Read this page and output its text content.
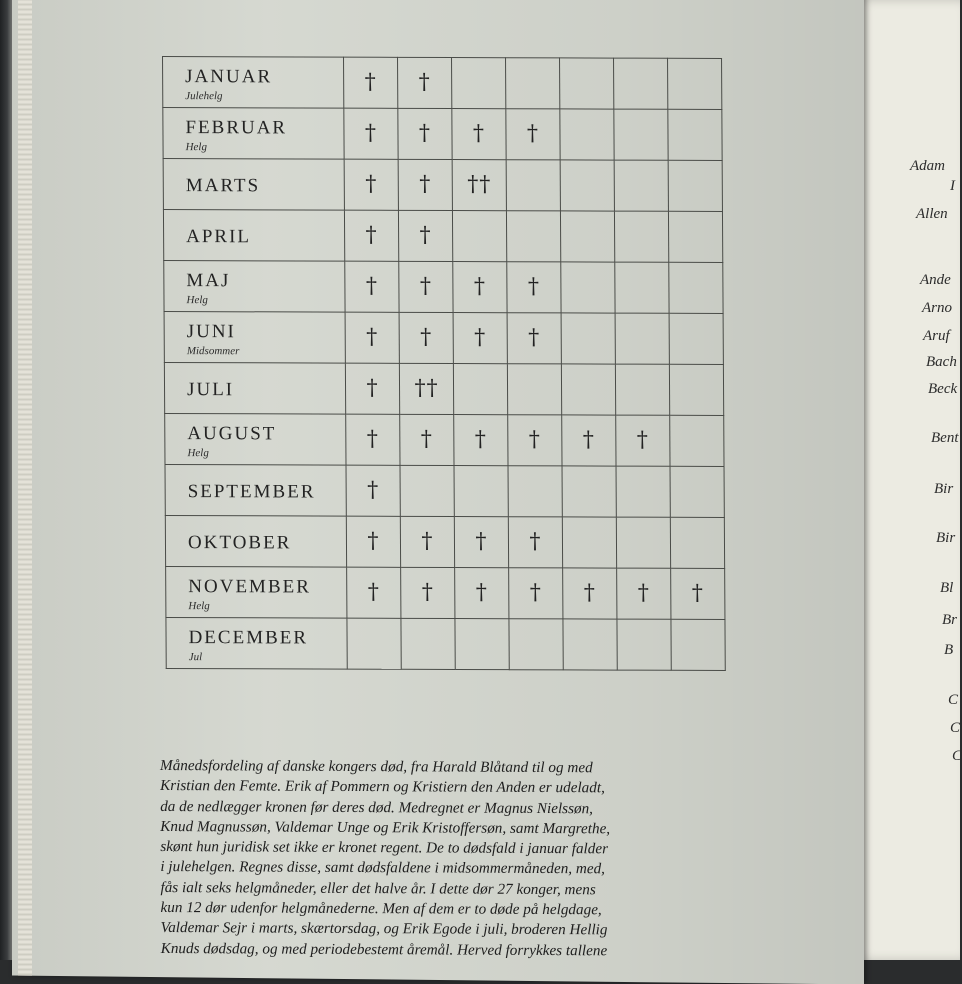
Adam
I
Allen
Ande
Arno
Aruf
Bach
Beck
Bent
Bir
Bir
Bl
Br
B
C
C
C
JANUAR
Julehelg	†	†					

FEBRUAR
Helg	†	†	†	†			

MARTS	†	†	††				

APRIL	†	†					

MAJ
Helg	†	†	†	†			

JUNI
Midsommer	†	†	†	†			

JULI	†	††					

AUGUST
Helg	†	†	†	†	†	†	

SEPTEMBER	†						

OKTOBER	†	†	†	†			

NOVEMBER
Helg	†	†	†	†	†	†	†

DECEMBER
Jul							

Månedsfordeling af danske kongers død, fra Harald Blåtand til og med
Kristian den Femte. Erik af Pommern og Kristiern den Anden er udeladt,
da de nedlægger kronen før deres død. Medregnet er Magnus Nielssøn,
Knud Magnussøn, Valdemar Unge og Erik Kristoffersøn, samt Margrethe,
skønt hun juridisk set ikke er kronet regent. De to dødsfald i januar falder
i julehelgen. Regnes disse, samt dødsfaldene i midsommermåneden, med,
fås ialt seks helgmåneder, eller det halve år. I dette dør 27 konger, mens
kun 12 dør udenfor helgmånederne. Men af dem er to døde på helgdage,
Valdemar Sejr i marts, skærtorsdag, og Erik Egode i juli, broderen Hellig
Knuds dødsdag, og med periodebestemt åremål. Herved forrykkes tallene
